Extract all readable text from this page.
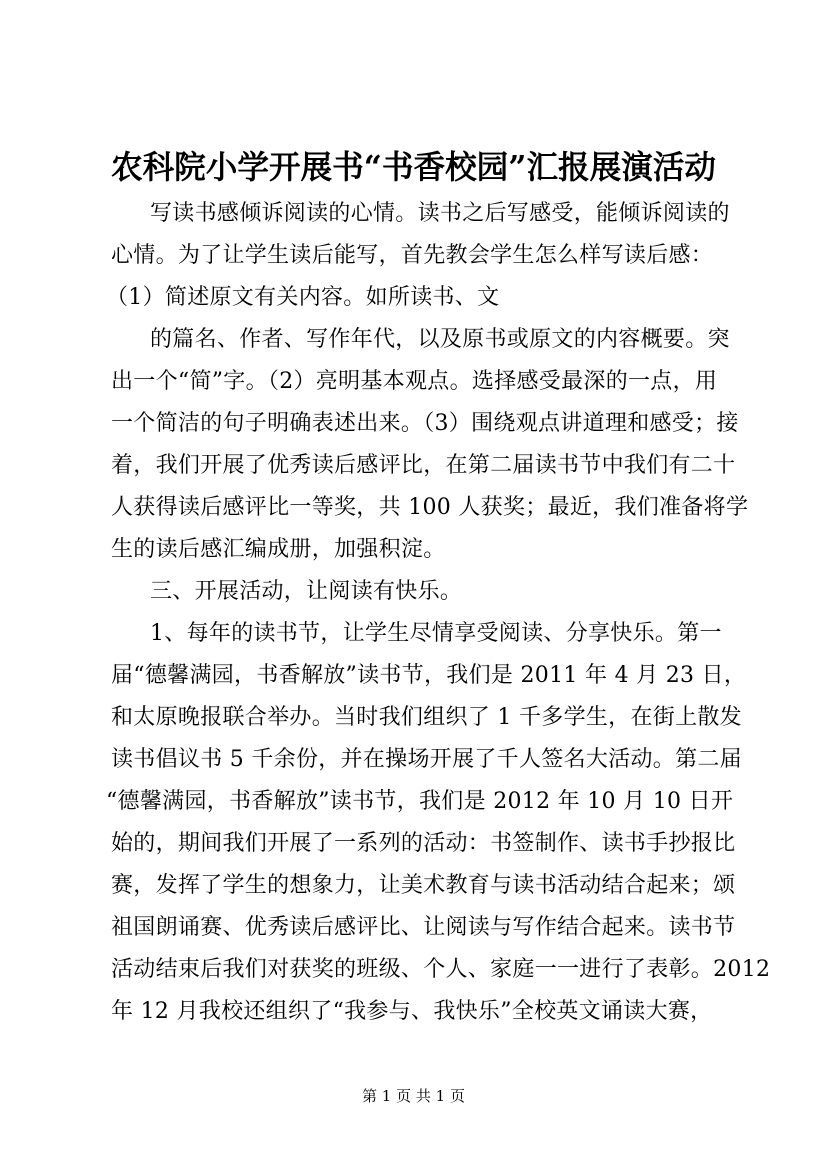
农科院小学开展书“书香校园”汇报展演活动
写读书感倾诉阅读的心情。读书之后写感受，能倾诉阅读的
心情。为了让学生读后能写，首先教会学生怎么样写读后感：
（1）简述原文有关内容。如所读书、文
的篇名、作者、写作年代，以及原书或原文的内容概要。突
出一个“简”字。（2）亮明基本观点。选择感受最深的一点，用
一个简洁的句子明确表述出来。（3）围绕观点讲道理和感受；接
着，我们开展了优秀读后感评比，在第二届读书节中我们有二十
人获得读后感评比一等奖，共 100 人获奖；最近，我们准备将学
生的读后感汇编成册，加强积淀。
三、开展活动，让阅读有快乐。
1、每年的读书节，让学生尽情享受阅读、分享快乐。第一
届“德馨满园，书香解放”读书节，我们是 2011 年 4 月 23 日，
和太原晚报联合举办。当时我们组织了 1 千多学生，在街上散发
读书倡议书 5 千余份，并在操场开展了千人签名大活动。第二届
“德馨满园，书香解放”读书节，我们是 2012 年 10 月 10 日开
始的，期间我们开展了一系列的活动：书签制作、读书手抄报比
赛，发挥了学生的想象力，让美术教育与读书活动结合起来；颂
祖国朗诵赛、优秀读后感评比、让阅读与写作结合起来。读书节
活动结束后我们对获奖的班级、个人、家庭一一进行了表彰。2012
年 12 月我校还组织了“我参与、我快乐”全校英文诵读大赛，
第 1 页 共 1 页
